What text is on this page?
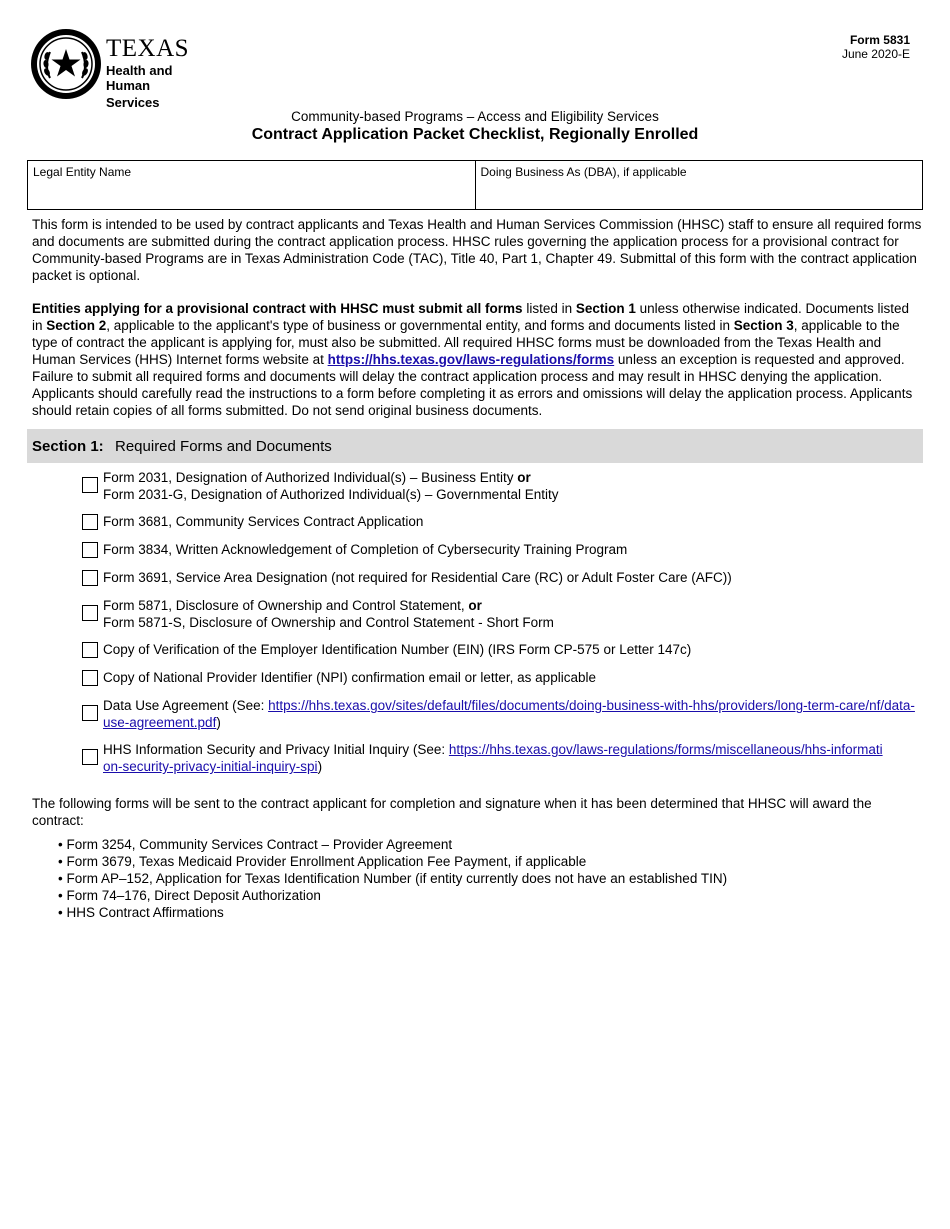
TEXAS
Health and Human
Services
Form 5831
June 2020-E
Community-based Programs – Access and Eligibility Services
Contract Application Packet Checklist, Regionally Enrolled
Legal Entity Name	Doing Business As (DBA), if applicable
This form is intended to be used by contract applicants and Texas Health and Human Services Commission (HHSC) staff to ensure all required forms and documents are submitted during the contract application process. HHSC rules governing the application process for a provisional contract for Community-based Programs are in Texas Administration Code (TAC), Title 40, Part 1, Chapter 49. Submittal of this form with the contract application packet is optional.
Entities applying for a provisional contract with HHSC must submit all forms listed in Section 1 unless otherwise indicated. Documents listed in Section 2, applicable to the applicant's type of business or governmental entity, and forms and documents listed in Section 3, applicable to the type of contract the applicant is applying for, must also be submitted. All required HHSC forms must be downloaded from the Texas Health and Human Services (HHS) Internet forms website at https://hhs.texas.gov/laws-regulations/forms unless an exception is requested and approved. Failure to submit all required forms and documents will delay the contract application process and may result in HHSC denying the application. Applicants should carefully read the instructions to a form before completing it as errors and omissions will delay the application process. Applicants should retain copies of all forms submitted. Do not send original business documents.
Section 1: Required Forms and Documents
Form 2031, Designation of Authorized Individual(s) – Business Entity or
Form 2031-G, Designation of Authorized Individual(s) – Governmental Entity
Form 3681, Community Services Contract Application
Form 3834, Written Acknowledgement of Completion of Cybersecurity Training Program
Form 3691, Service Area Designation (not required for Residential Care (RC) or Adult Foster Care (AFC))
Form 5871, Disclosure of Ownership and Control Statement, or
Form 5871-S, Disclosure of Ownership and Control Statement - Short Form
Copy of Verification of the Employer Identification Number (EIN) (IRS Form CP-575 or Letter 147c)
Copy of National Provider Identifier (NPI) confirmation email or letter, as applicable
Data Use Agreement (See: https://hhs.texas.gov/sites/default/files/documents/doing-business-with-hhs/providers/long-term-care/nf/data-use-agreement.pdf)
HHS Information Security and Privacy Initial Inquiry (See: https://hhs.texas.gov/laws-regulations/forms/miscellaneous/hhs-information-security-privacy-initial-inquiry-spi)
The following forms will be sent to the contract applicant for completion and signature when it has been determined that HHSC will award the contract:
• Form 3254, Community Services Contract – Provider Agreement
• Form 3679, Texas Medicaid Provider Enrollment Application Fee Payment, if applicable
• Form AP–152, Application for Texas Identification Number (if entity currently does not have an established TIN)
• Form 74–176, Direct Deposit Authorization
• HHS Contract Affirmations
